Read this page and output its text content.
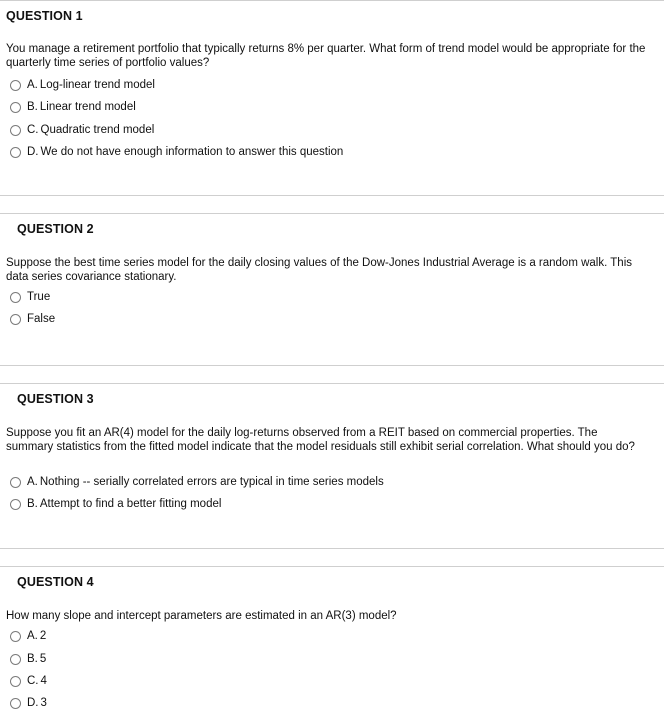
QUESTION 1
You manage a retirement portfolio that typically returns 8% per quarter. What form of trend model would be appropriate for the quarterly time series of portfolio values?
A. Log-linear trend model
B. Linear trend model
C. Quadratic trend model
D. We do not have enough information to answer this question
QUESTION 2
Suppose the best time series model for the daily closing values of the Dow-Jones Industrial Average is a random walk. This data series covariance stationary.
True
False
QUESTION 3
Suppose you fit an AR(4) model for the daily log-returns observed from a REIT based on commercial properties. The summary statistics from the fitted model indicate that the model residuals still exhibit serial correlation. What should you do?
A. Nothing -- serially correlated errors are typical in time series models
B. Attempt to find a better fitting model
QUESTION 4
How many slope and intercept parameters are estimated in an AR(3) model?
A. 2
B. 5
C. 4
D. 3
